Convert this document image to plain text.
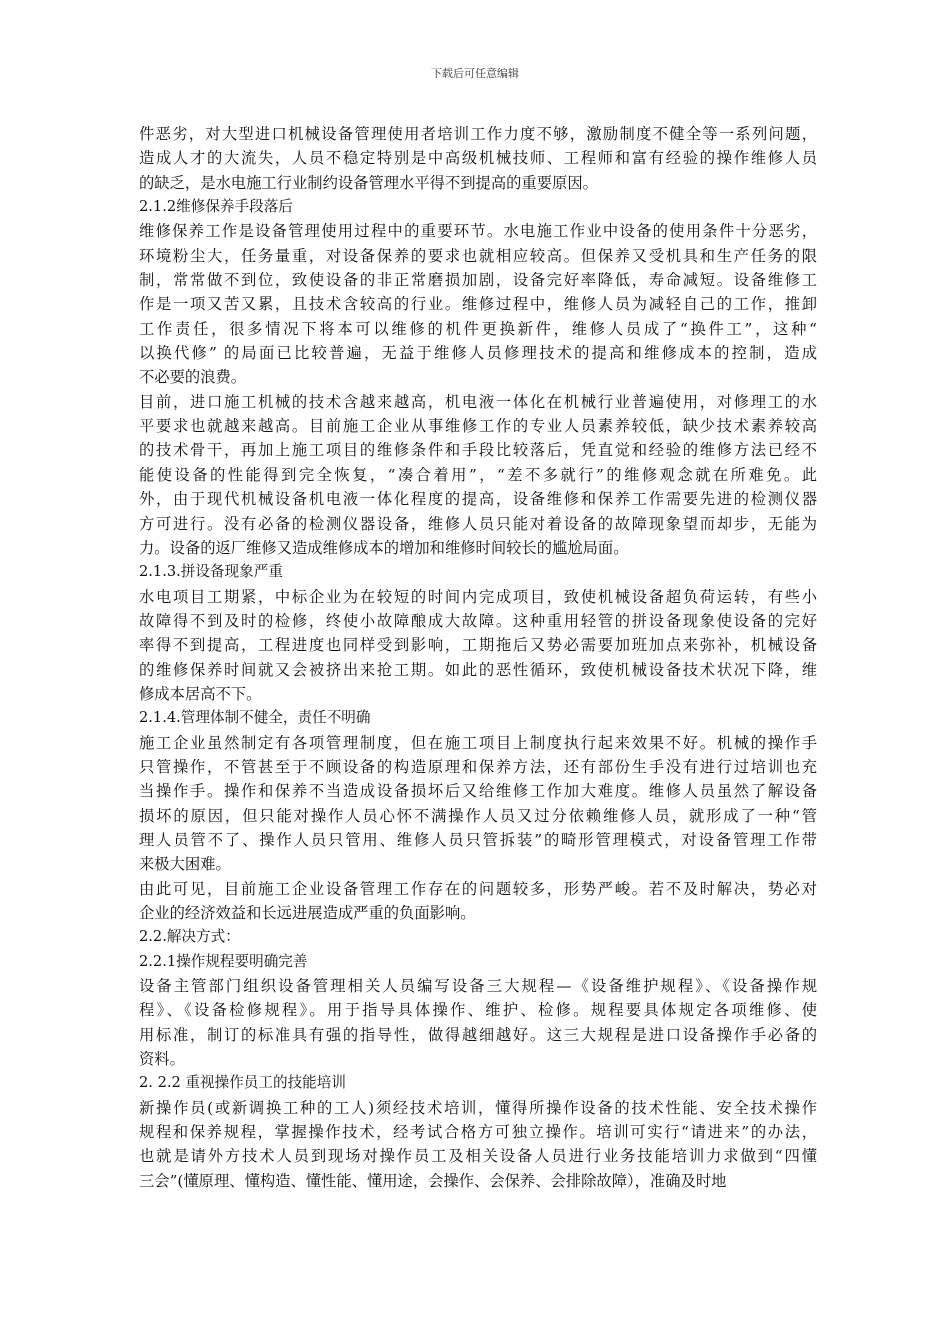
下载后可任意编辑
件恶劣，对大型进口机械设备管理使用者培训工作力度不够，激励制度不健全等一系列问题，
造成人才的大流失，人员不稳定特别是中高级机械技师、工程师和富有经验的操作维修人员
的缺乏，是水电施工行业制约设备管理水平得不到提高的重要原因。
2.1.2维修保养手段落后
维修保养工作是设备管理使用过程中的重要环节。水电施工作业中设备的使用条件十分恶劣，
环境粉尘大，任务量重，对设备保养的要求也就相应较高。但保养又受机具和生产任务的限
制，常常做不到位，致使设备的非正常磨损加剧，设备完好率降低，寿命减短。设备维修工
作是一项又苦又累，且技术含较高的行业。维修过程中，维修人员为减轻自己的工作，推卸
工作责任，很多情况下将本可以维修的机件更换新件，维修人员成了“换件工”，这种“
以换代修” 的局面已比较普遍，无益于维修人员修理技术的提高和维修成本的控制，造成
不必要的浪费。
目前，进口施工机械的技术含越来越高，机电液一体化在机械行业普遍使用，对修理工的水
平要求也就越来越高。目前施工企业从事维修工作的专业人员素养较低，缺少技术素养较高
的技术骨干，再加上施工项目的维修条件和手段比较落后，凭直觉和经验的维修方法已经不
能使设备的性能得到完全恢复，“凑合着用”，“差不多就行”的维修观念就在所难免。此
外，由于现代机械设备机电液一体化程度的提高，设备维修和保养工作需要先进的检测仪器
方可进行。没有必备的检测仪器设备，维修人员只能对着设备的故障现象望而却步，无能为
力。设备的返厂维修又造成维修成本的增加和维修时间较长的尴尬局面。
2.1.3.拼设备现象严重
水电项目工期紧，中标企业为在较短的时间内完成项目，致使机械设备超负荷运转，有些小
故障得不到及时的检修，终使小故障酿成大故障。这种重用轻管的拼设备现象使设备的完好
率得不到提高，工程进度也同样受到影响，工期拖后又势必需要加班加点来弥补，机械设备
的维修保养时间就又会被挤出来抢工期。如此的恶性循环，致使机械设备技术状况下降，维
修成本居高不下。
2.1.4.管理体制不健全，责任不明确
施工企业虽然制定有各项管理制度，但在施工项目上制度执行起来效果不好。机械的操作手
只管操作，不管甚至于不顾设备的构造原理和保养方法，还有部份生手没有进行过培训也充
当操作手。操作和保养不当造成设备损坏后又给维修工作加大难度。维修人员虽然了解设备
损坏的原因，但只能对操作人员心怀不满操作人员又过分依赖维修人员，就形成了一种“管
理人员管不了、操作人员只管用、维修人员只管拆装”的畸形管理模式，对设备管理工作带
来极大困难。
由此可见，目前施工企业设备管理工作存在的问题较多，形势严峻。若不及时解决，势必对
企业的经济效益和长远进展造成严重的负面影响。
2.2.解决方式：
2.2.1操作规程要明确完善
设备主管部门组织设备管理相关人员编写设备三大规程—《设备维护规程》、《设备操作规
程》、《设备检修规程》。用于指导具体操作、维护、检修。规程要具体规定各项维修、使
用标准，制订的标准具有强的指导性，做得越细越好。这三大规程是进口设备操作手必备的
资料。
2. 2.2 重视操作员工的技能培训
新操作员(或新调换工种的工人)须经技术培训，懂得所操作设备的技术性能、安全技术操作
规程和保养规程，掌握操作技术，经考试合格方可独立操作。培训可实行“请进来”的办法，
也就是请外方技术人员到现场对操作员工及相关设备人员进行业务技能培训力求做到“四懂
三会”(懂原理、懂构造、懂性能、懂用途，会操作、会保养、会排除故障），准确及时地
